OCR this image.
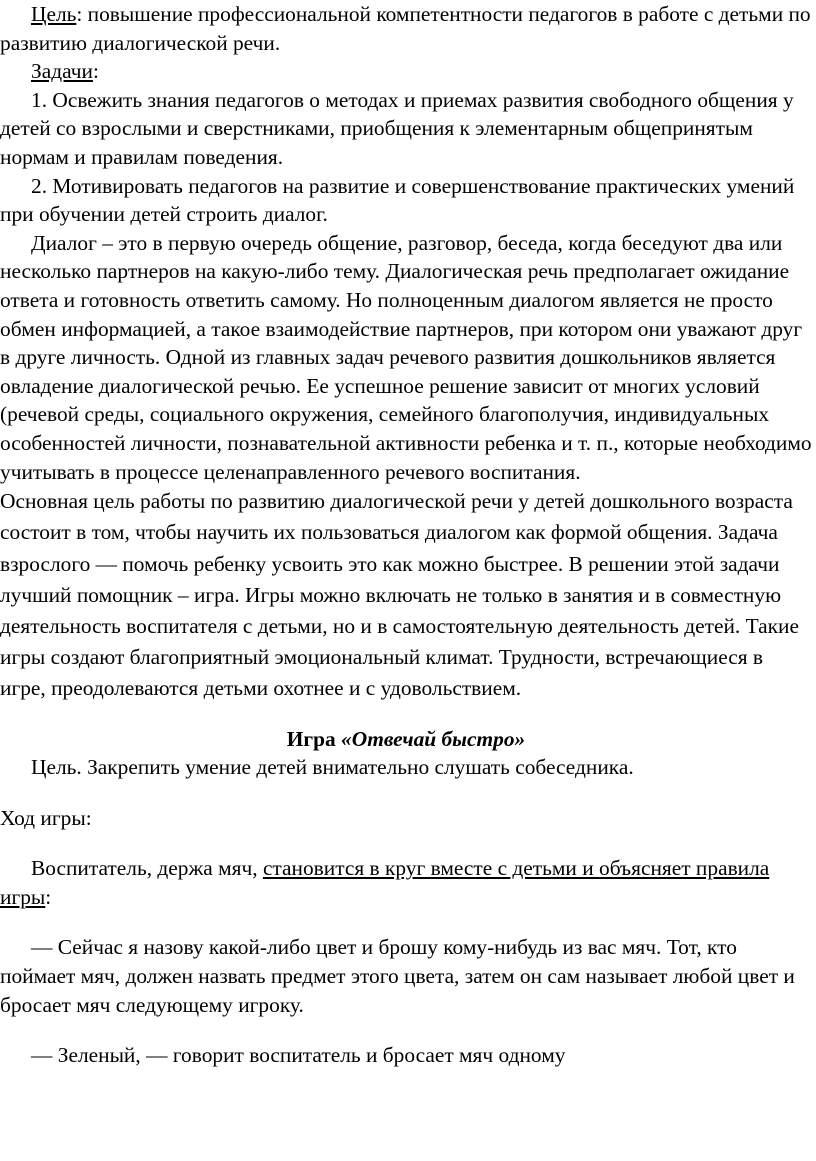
Цель: повышение профессиональной компетентности педагогов в работе с детьми по развитию диалогической речи.

Задачи:

1. Освежить знания педагогов о методах и приемах развития свободного общения у детей со взрослыми и сверстниками, приобщения к элементарным общепринятым нормам и правилам поведения.

2. Мотивировать педагогов на развитие и совершенствование практических умений при обучении детей строить диалог.

Диалог – это в первую очередь общение, разговор, беседа, когда беседуют два или несколько партнеров на какую-либо тему. Диалогическая речь предполагает ожидание ответа и готовность ответить самому. Но полноценным диалогом является не просто обмен информацией, а такое взаимодействие партнеров, при котором они уважают друг в друге личность. Одной из главных задач речевого развития дошкольников является овладение диалогической речью. Ее успешное решение зависит от многих условий (речевой среды, социального окружения, семейного благополучия, индивидуальных особенностей личности, познавательной активности ребенка и т. п., которые необходимо учитывать в процессе целенаправленного речевого воспитания.

Основная цель работы по развитию диалогической речи у детей дошкольного возраста состоит в том, чтобы научить их пользоваться диалогом как формой общения. Задача взрослого — помочь ребенку усвоить это как можно быстрее. В решении этой задачи лучший помощник – игра. Игры можно включать не только в занятия и в совместную деятельность воспитателя с детьми, но и в самостоятельную деятельность детей. Такие игры создают благоприятный эмоциональный климат. Трудности, встречающиеся в игре, преодолеваются детьми охотнее и с удовольствием.

Игра «Отвечай быстро»

Цель. Закрепить умение детей внимательно слушать собеседника.

Ход игры:

Воспитатель, держа мяч, становится в круг вместе с детьми и объясняет правила игры:

— Сейчас я назову какой-либо цвет и брошу кому-нибудь из вас мяч. Тот, кто поймает мяч, должен назвать предмет этого цвета, затем он сам называет любой цвет и бросает мяч следующему игроку.

— Зеленый, — говорит воспитатель и бросает мяч одному
